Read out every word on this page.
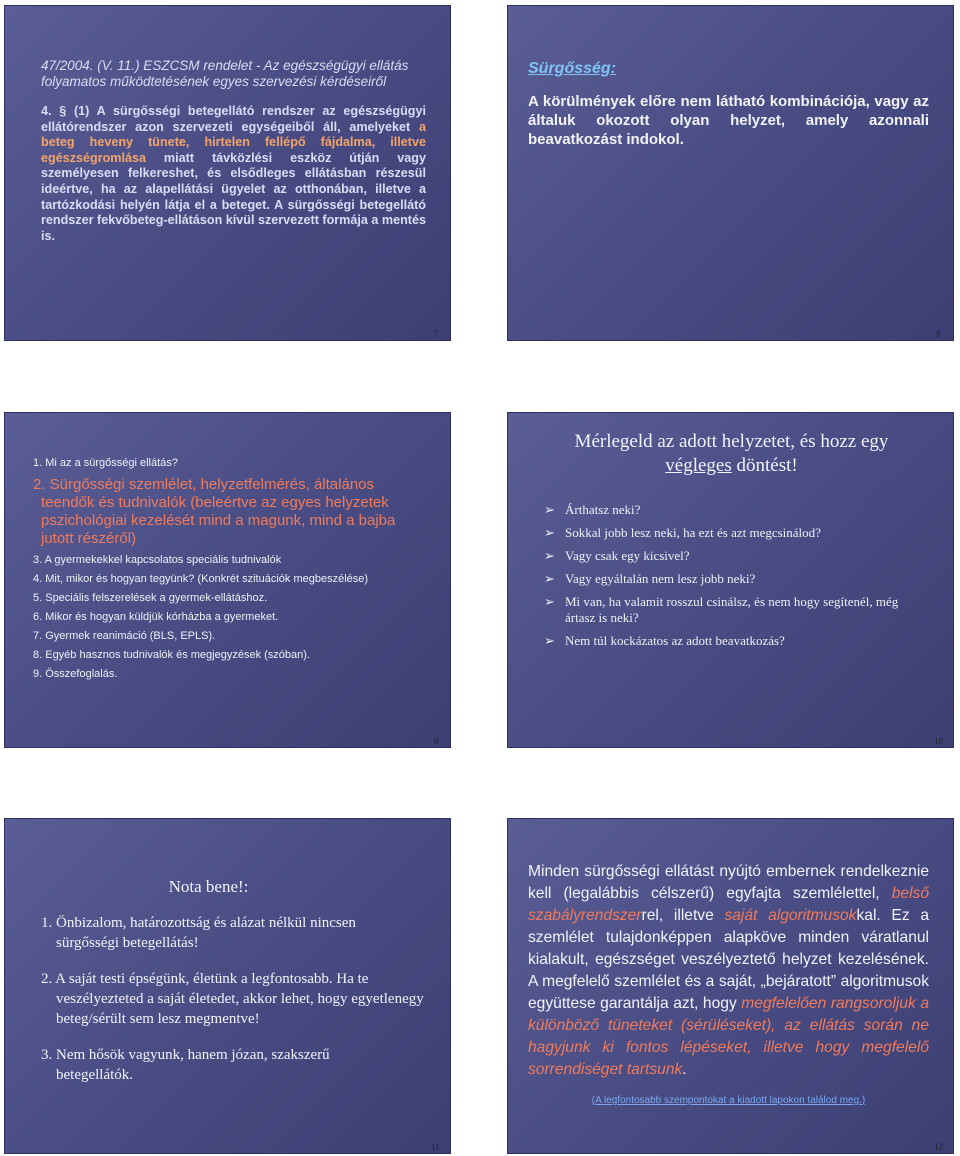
47/2004. (V. 11.) ESZCSM rendelet - Az egészségügyi ellátás folyamatos működtetésének egyes szervezési kérdéseiről

4. § (1) A sürgősségi betegellátó rendszer az egészségügyi ellátórendszer azon szervezeti egységeiből áll, amelyeket a beteg heveny tünete, hirtelen fellépő fájdalma, illetve egészségromlása miatt távközlési eszköz útján vagy személyesen felkereshet, és elsődleges ellátásban részesül ideértve, ha az alapellátási ügyelet az otthonában, illetve a tartózkodási helyén látja el a beteget. A sürgősségi betegellátó rendszer fekvőbeteg-ellátáson kívül szervezett formája a mentés is.

7

Sürgősség:

A körülmények előre nem látható kombinációja, vagy az általuk okozott olyan helyzet, amely azonnali beavatkozást indokol.

8
1. Mi az a sürgősségi ellátás?
2. Sürgősségi szemlélet, helyzetfelmérés, általános
teendők és tudnivalók (beleértve az egyes helyzetek pszichológiai kezelését mind a magunk, mind a bajba jutott részéről)
3. A gyermekekkel kapcsolatos speciális tudnivalók
4. Mit, mikor és hogyan tegyünk? (Konkrét szituációk megbeszélése)
5. Speciális felszerelések a gyermek-ellátáshoz.
6. Mikor és hogyan küldjük kórházba a gyermeket.
7. Gyermek reanimáció (BLS, EPLS).
8. Egyéb hasznos tudnivalók és megjegyzések (szóban).
9. Összefoglalás.
9
Mérlegeld az adott helyzetet, és hozz egy
végleges döntést!
➢ Árthatsz neki?
➢ Sokkal jobb lesz neki, ha ezt és azt megcsinálod?
➢ Vagy csak egy kicsivel?
➢ Vagy egyáltalán nem lesz jobb neki?
➢ Mi van, ha valamit rosszul csinálsz, és nem hogy segítenél, még ártasz is neki?
➢ Nem túl kockázatos az adott beavatkozás?
10
Nota bene!:
1. Önbizalom, határozottság és alázat nélkül nincsen
sürgősségi betegellátás!
2. A saját testi épségünk, életünk a legfontosabb. Ha te
veszélyezteted a saját életedet, akkor lehet, hogy egyetlenegy beteg/sérült sem lesz megmentve!
3. Nem hősök vagyunk, hanem józan, szakszerű
betegellátók.
11

Minden sürgősségi ellátást nyújtó embernek rendelkeznie kell (legalábbis célszerű) egyfajta szemlélettel, belső szabályrendszerrel, illetve saját algoritmusokkal. Ez a szemlélet tulajdonképpen alapköve minden váratlanul kialakult, egészséget veszélyeztető helyzet kezelésének. A megfelelő szemlélet és a saját, „bejáratott” algoritmusok együttese garantálja azt, hogy megfelelően rangsoroljuk a különböző tüneteket (sérüléseket), az ellátás során ne hagyjunk ki fontos lépéseket, illetve hogy megfelelő sorrendiséget tartsunk.

(A legfontosabb szempontokat a kiadott lapokon találod meg.)

12
